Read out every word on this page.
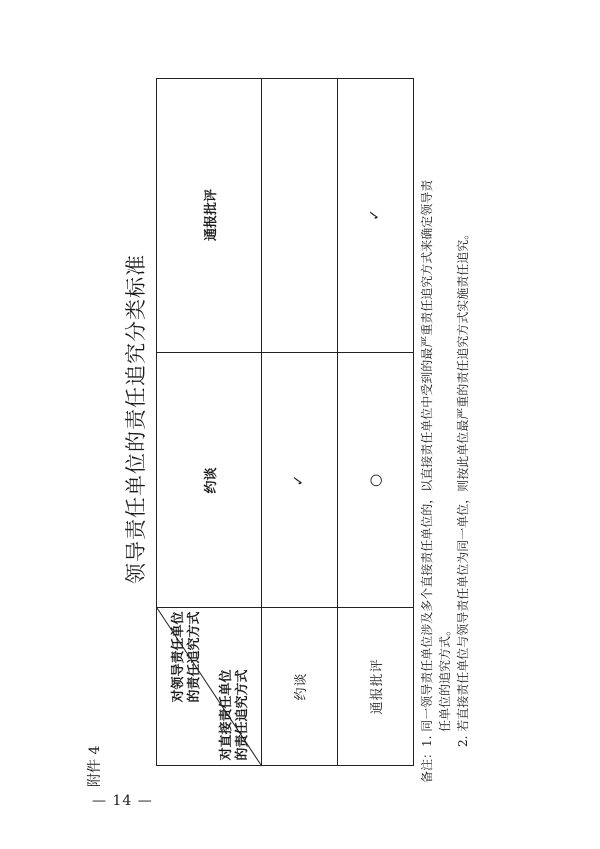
— 14 —
附件 4
领导责任单位的责任追究分类标准
对领导责任单位的责任追究方式
对直接责任单位的责任追究方式
约谈
通报批评
约谈
✓
通报批评
○
✓
备注：1. 同一领导责任单位涉及多个直接责任单位的，以直接责任单位中受到的最严重责任追究方式来确定领导责 任单位的追究方式。 2. 若直接责任单位与领导责任单位为同一单位，则按此单位最严重的责任追究方式实施责任追究。
